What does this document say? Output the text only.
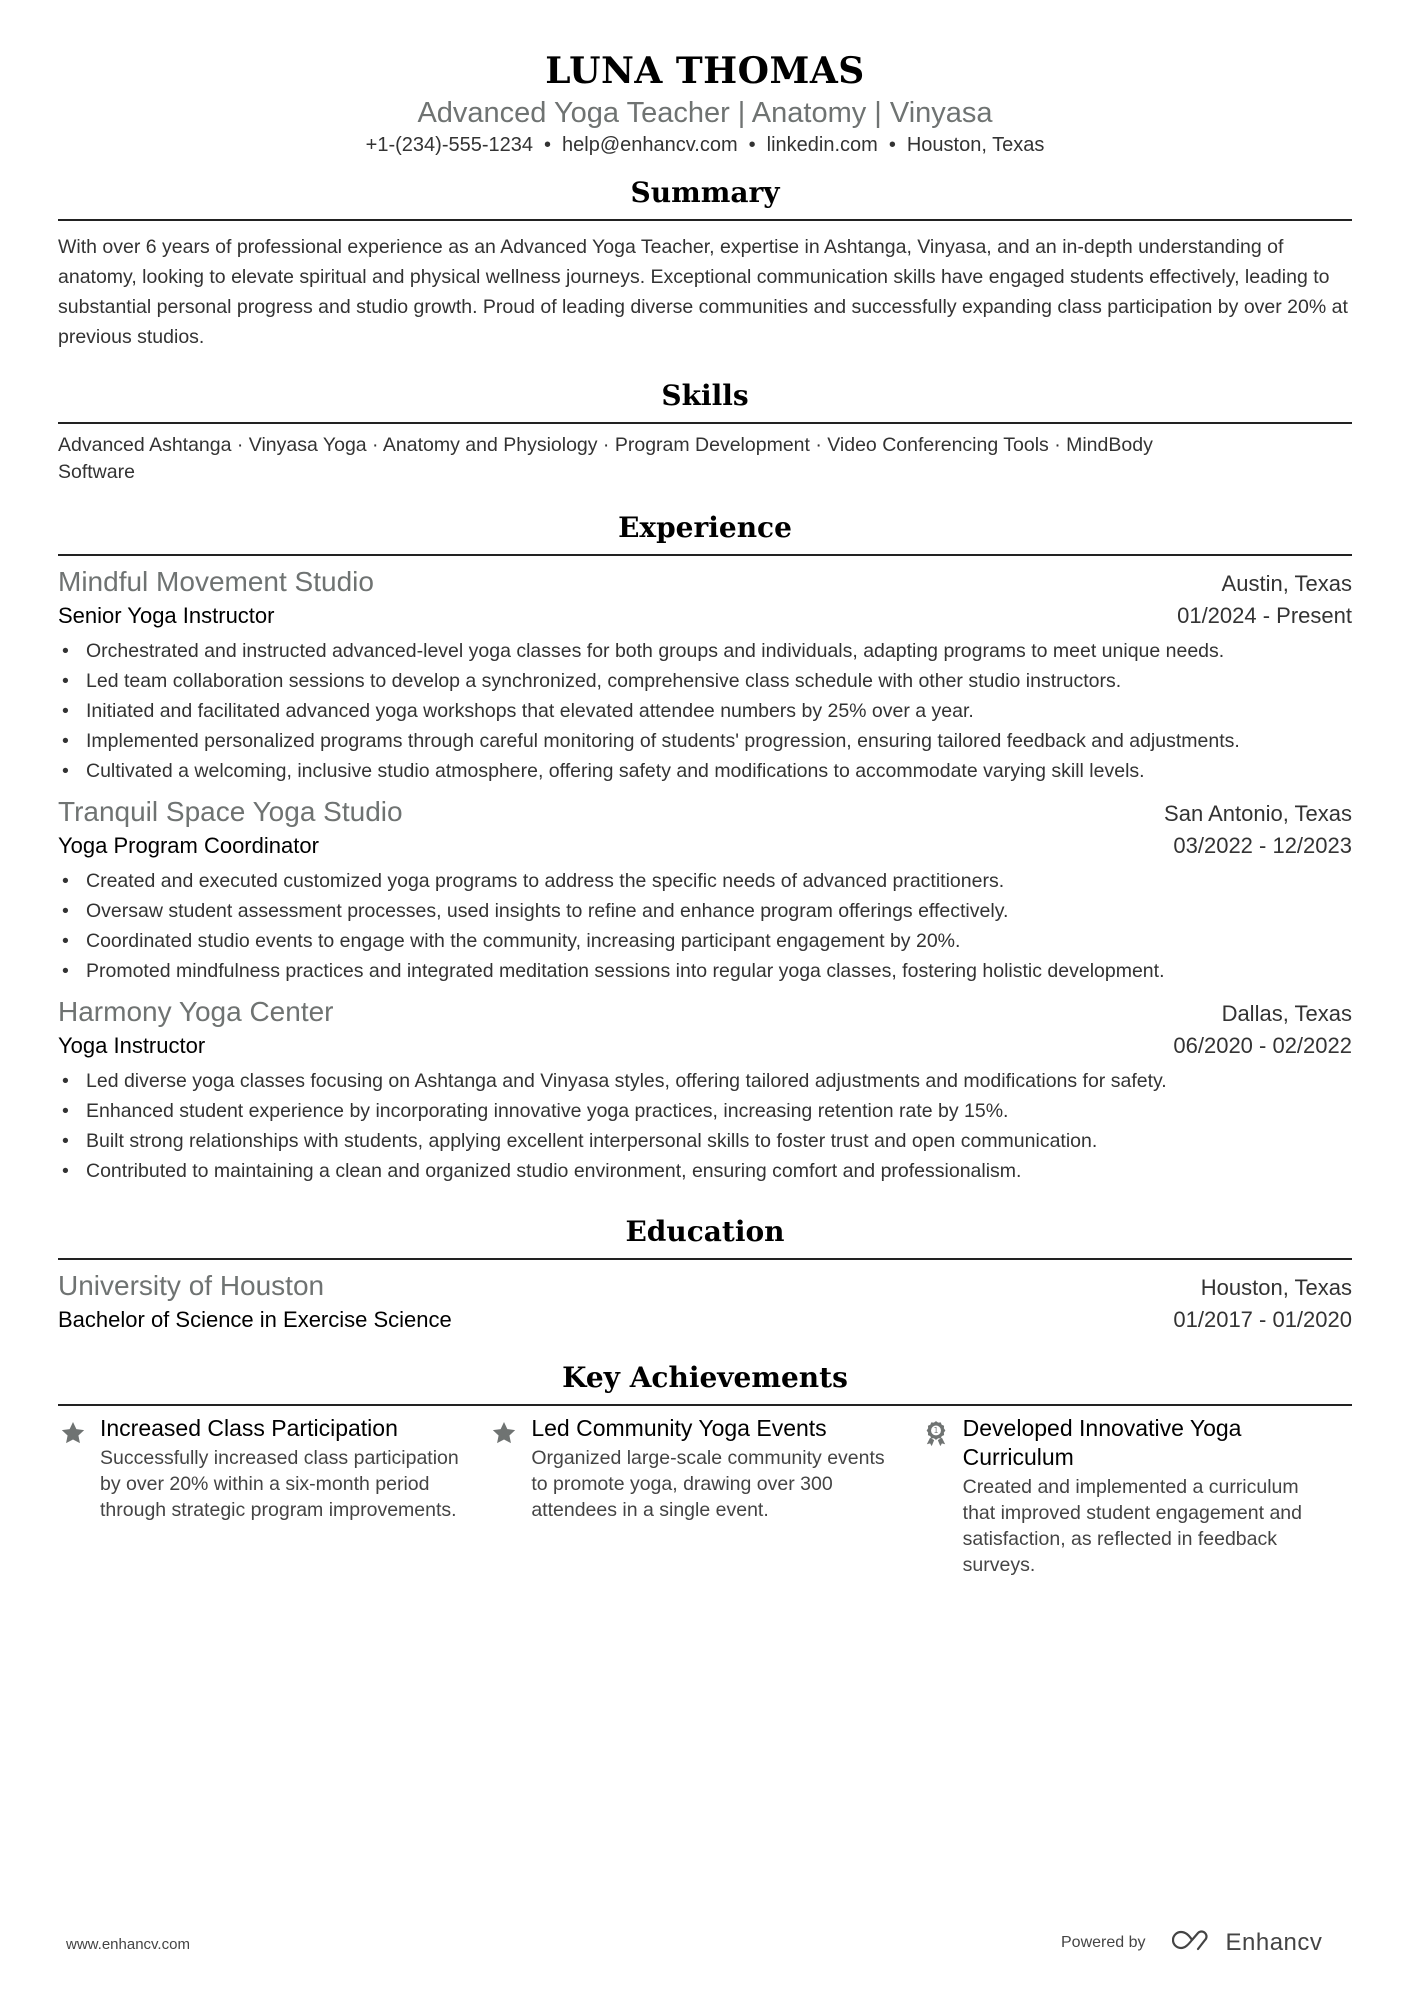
LUNA THOMAS
Advanced Yoga Teacher | Anatomy | Vinyasa
+1-(234)-555-1234 • help@enhancv.com • linkedin.com • Houston, Texas
Summary
With over 6 years of professional experience as an Advanced Yoga Teacher, expertise in Ashtanga, Vinyasa, and an in-depth understanding of anatomy, looking to elevate spiritual and physical wellness journeys. Exceptional communication skills have engaged students effectively, leading to substantial personal progress and studio growth. Proud of leading diverse communities and successfully expanding class participation by over 20% at previous studios.
Skills
Advanced Ashtanga · Vinyasa Yoga · Anatomy and Physiology · Program Development · Video Conferencing Tools · MindBody Software
Experience
Mindful Movement Studio	Austin, Texas
Senior Yoga Instructor	01/2024 - Present
• Orchestrated and instructed advanced-level yoga classes for both groups and individuals, adapting programs to meet unique needs.
• Led team collaboration sessions to develop a synchronized, comprehensive class schedule with other studio instructors.
• Initiated and facilitated advanced yoga workshops that elevated attendee numbers by 25% over a year.
• Implemented personalized programs through careful monitoring of students' progression, ensuring tailored feedback and adjustments.
• Cultivated a welcoming, inclusive studio atmosphere, offering safety and modifications to accommodate varying skill levels.
Tranquil Space Yoga Studio	San Antonio, Texas
Yoga Program Coordinator	03/2022 - 12/2023
• Created and executed customized yoga programs to address the specific needs of advanced practitioners.
• Oversaw student assessment processes, used insights to refine and enhance program offerings effectively.
• Coordinated studio events to engage with the community, increasing participant engagement by 20%.
• Promoted mindfulness practices and integrated meditation sessions into regular yoga classes, fostering holistic development.
Harmony Yoga Center	Dallas, Texas
Yoga Instructor	06/2020 - 02/2022
• Led diverse yoga classes focusing on Ashtanga and Vinyasa styles, offering tailored adjustments and modifications for safety.
• Enhanced student experience by incorporating innovative yoga practices, increasing retention rate by 15%.
• Built strong relationships with students, applying excellent interpersonal skills to foster trust and open communication.
• Contributed to maintaining a clean and organized studio environment, ensuring comfort and professionalism.
Education
University of Houston	Houston, Texas
Bachelor of Science in Exercise Science	01/2017 - 01/2020
Key Achievements
Increased Class Participation
Successfully increased class participation by over 20% within a six-month period through strategic program improvements.
Led Community Yoga Events
Organized large-scale community events to promote yoga, drawing over 300 attendees in a single event.
1 Developed Innovative Yoga Curriculum
Created and implemented a curriculum that improved student engagement and satisfaction, as reflected in feedback surveys.
www.enhancv.com	Powered by	Enhancv
